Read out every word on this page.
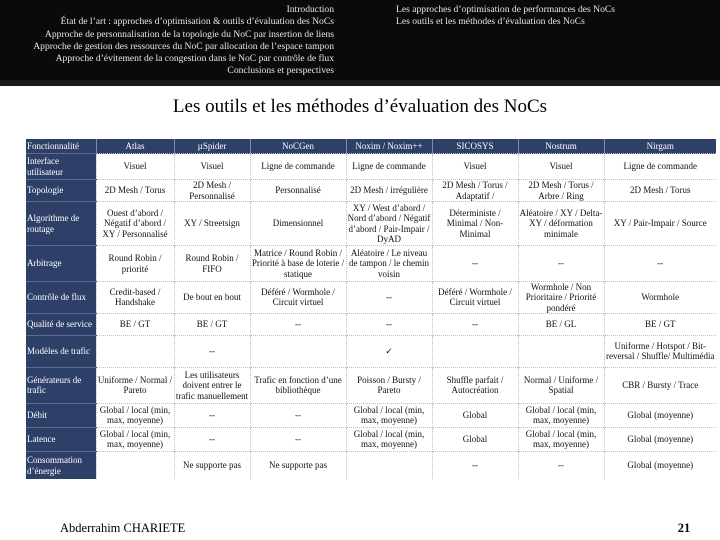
Introduction
État de l’art : approches d’optimisation & outils d’évaluation des NoCs
Approche de personnalisation de la topologie du NoC par insertion de liens
Approche de gestion des ressources du NoC par allocation de l’espace tampon
Approche d’évitement de la congestion dans le NoC par contrôle de flux
Conclusions et perspectives
Les approches d’optimisation de performances des NoCs
Les outils et les méthodes d’évaluation des NoCs
Les outils et les méthodes d’évaluation des NoCs
Fonctionnalité	Atlas	µSpider	NoCGen	Noxim / Noxim++	SICOSYS	Nostrum	Nirgam
Interface utilisateur	Visuel	Visuel	Ligne de commande	Ligne de commande	Visuel	Visuel	Ligne de commande
Topologie	2D Mesh / Torus	2D Mesh / Personnalisé	Personnalisé	2D Mesh / irrégulière	2D Mesh / Torus / Adaptatif /	2D Mesh / Torus / Arbre / Ring	2D Mesh / Torus
Algorithme de routage	Ouest d’abord / Négatif d’abord / XY / Personnalisé	XY / Streetsign	Dimensionnel	XY / West d’abord / Nord d’abord / Négatif d’abord / Pair-Impair / DyAD	Déterministe / Minimal / Non-Minimal	Aléatoire / XY / Delta-XY / déformation minimale	XY / Pair-Impair / Source
Arbitrage	Round Robin / priorité	Round Robin / FIFO	Matrice / Round Robin / Priorité à base de loterie / statique	Aléatoire / Le niveau de tampon / le chemin voisin	--	--	--
Contrôle de flux	Credit-based / Handshake	De bout en bout	Déféré / Wormhole / Circuit virtuel	--	Déféré / Wormhole / Circuit virtuel	Wormhole / Non Prioritaire / Priorité pondéré	Wormhole
Qualité de service	BE / GT	BE / GT	--	--	--	BE / GL	BE / GT
Modèles de trafic		--		✓			Uniforme / Hotspot / Bit-reversal / Shuffle/ Multimédia
Générateurs de trafic	Uniforme / Normal / Pareto	Les utilisateurs doivent entrer le trafic manuellement	Trafic en fonction d’une bibliothèque	Poisson / Bursty / Pareto	Shuffle parfait / Autocréation	Normal / Uniforme / Spatial	CBR / Bursty / Trace
Débit	Global / local (min, max, moyenne)	--	--	Global / local (min, max, moyenne)	Global	Global / local (min, max, moyenne)	Global (moyenne)
Latence	Global / local (min, max, moyenne)	--	--	Global / local (min, max, moyenne)	Global	Global / local (min, max, moyenne)	Global (moyenne)
Consommation d’énergie		Ne supporte pas	Ne supporte pas		--	--	Global (moyenne)
Abderrahim CHARIETE	21
